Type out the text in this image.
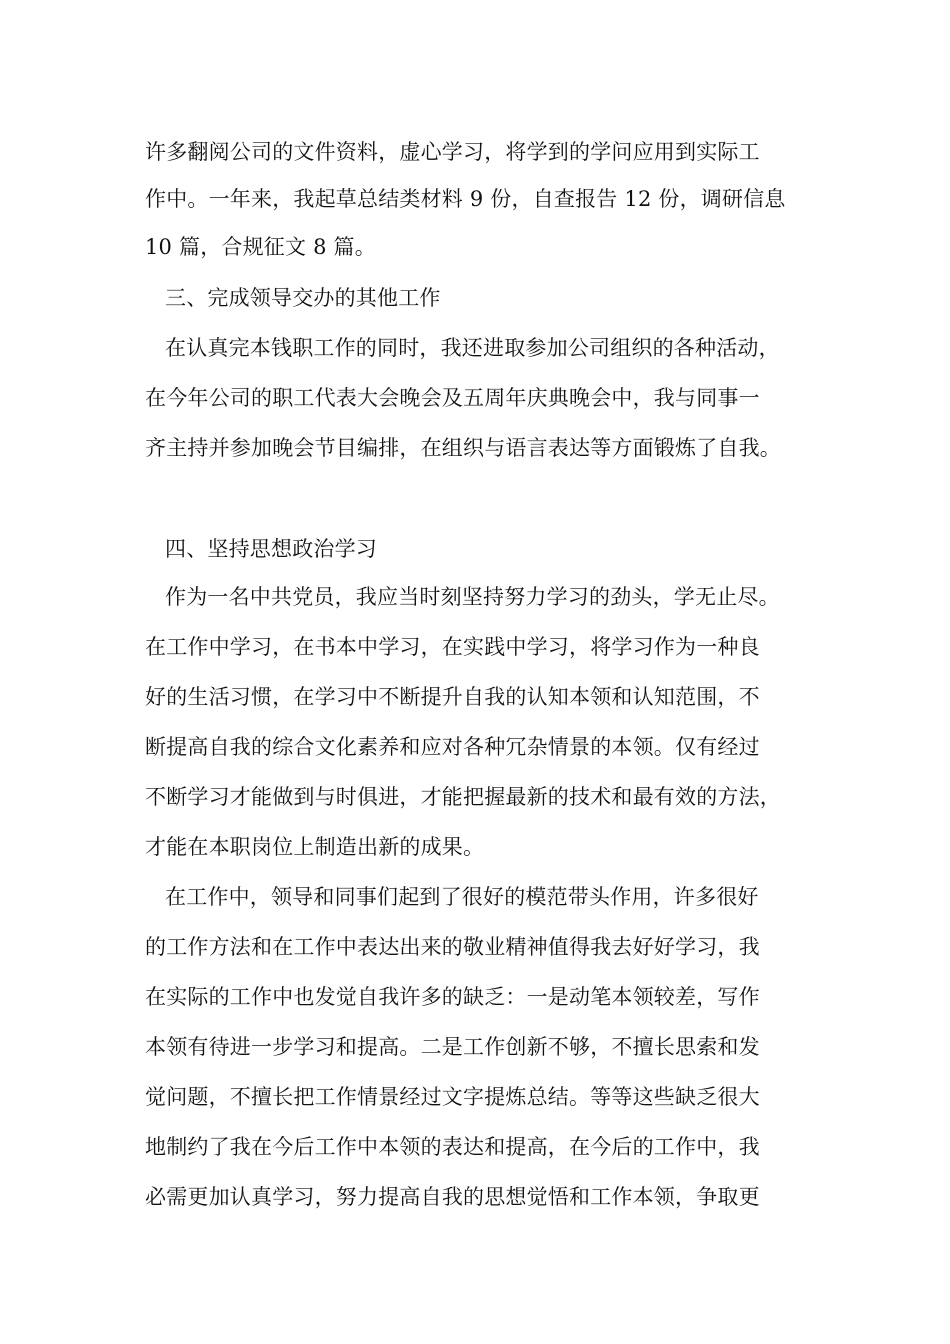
许多翻阅公司的文件资料，虚心学习，将学到的学问应用到实际工
作中。一年来，我起草总结类材料 9 份，自查报告 12 份，调研信息
10 篇，合规征文 8 篇。
三、完成领导交办的其他工作
在认真完本钱职工作的同时，我还进取参加公司组织的各种活动，
在今年公司的职工代表大会晚会及五周年庆典晚会中，我与同事一
齐主持并参加晚会节目编排，在组织与语言表达等方面锻炼了自我。
四、坚持思想政治学习
作为一名中共党员，我应当时刻坚持努力学习的劲头，学无止尽。
在工作中学习，在书本中学习，在实践中学习，将学习作为一种良
好的生活习惯，在学习中不断提升自我的认知本领和认知范围，不
断提高自我的综合文化素养和应对各种冗杂情景的本领。仅有经过
不断学习才能做到与时俱进，才能把握最新的技术和最有效的方法，
才能在本职岗位上制造出新的成果。
在工作中，领导和同事们起到了很好的模范带头作用，许多很好
的工作方法和在工作中表达出来的敬业精神值得我去好好学习，我
在实际的工作中也发觉自我许多的缺乏：一是动笔本领较差，写作
本领有待进一步学习和提高。二是工作创新不够，不擅长思索和发
觉问题，不擅长把工作情景经过文字提炼总结。等等这些缺乏很大
地制约了我在今后工作中本领的表达和提高，在今后的工作中，我
必需更加认真学习，努力提高自我的思想觉悟和工作本领，争取更
